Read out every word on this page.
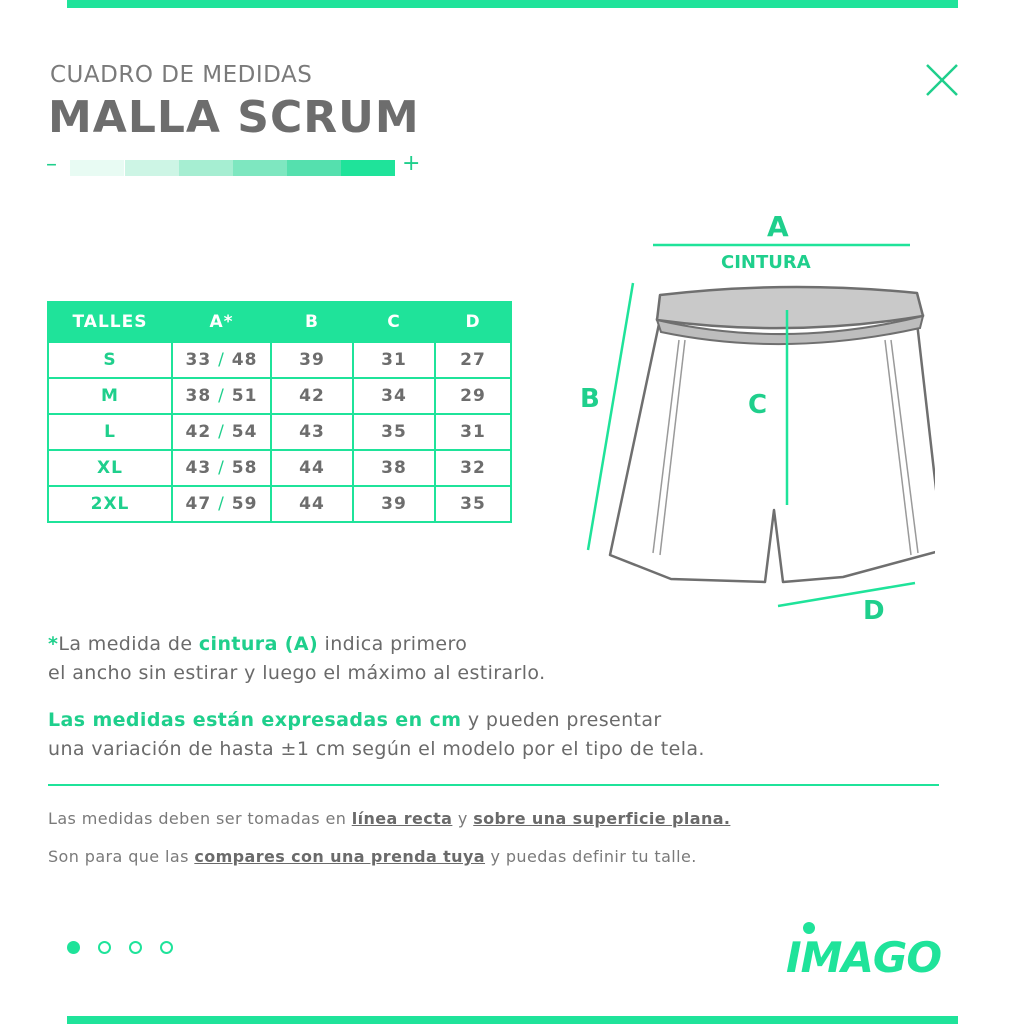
CUADRO DE MEDIDAS
MALLA SCRUM
–	+
TALLES	A*	B	C	D
S	33 / 48	39	31	27
M	38 / 51	42	34	29
L	42 / 54	43	35	31
XL	43 / 58	44	38	32
2XL	47 / 59	44	39	35
A
CINTURA
B	C
D
*La medida de cintura (A) indica primero
el ancho sin estirar y luego el máximo al estirarlo.
Las medidas están expresadas en cm y pueden presentar
una variación de hasta ±1 cm según el modelo por el tipo de tela.
Las medidas deben ser tomadas en línea recta y sobre una superficie plana.
Son para que las compares con una prenda tuya y puedas definir tu talle.
IMAGO
